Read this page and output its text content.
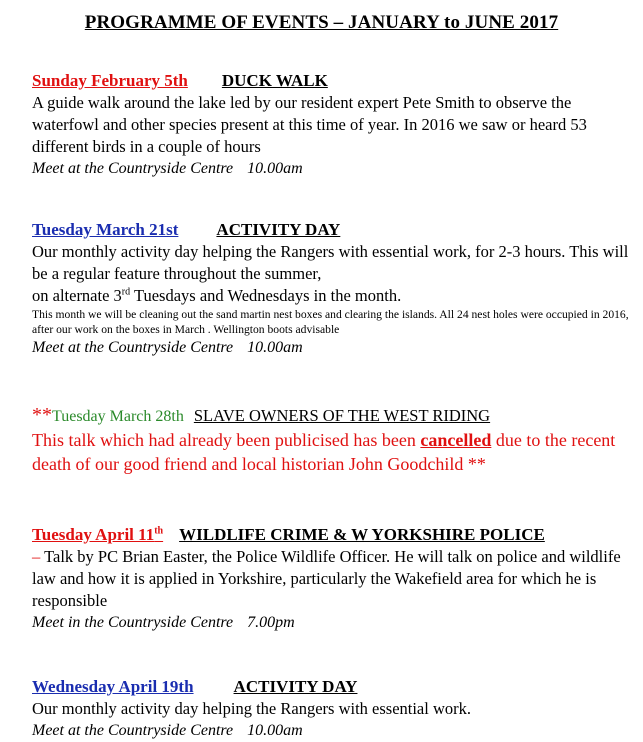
PROGRAMME OF EVENTS – JANUARY to JUNE 2017
Sunday February 5th DUCK WALK
A guide walk around the lake led by our resident expert Pete Smith to observe the waterfowl and other species present at this time of year. In 2016 we saw or heard 53 different birds in a couple of hours
Meet at the Countryside Centre 10.00am
Tuesday March 21st ACTIVITY DAY
Our monthly activity day helping the Rangers with essential work, for 2-3 hours. This will be a regular feature throughout the summer,
on alternate 3rd Tuesdays and Wednesdays in the month.
This month we will be cleaning out the sand martin nest boxes and clearing the islands. All 24 nest holes were occupied in 2016, after our work on the boxes in March . Wellington boots advisable
Meet at the Countryside Centre 10.00am
**Tuesday March 28th SLAVE OWNERS OF THE WEST RIDING
This talk which had already been publicised has been cancelled due to the recent death of our good friend and local historian John Goodchild **
Tuesday April 11th WILDLIFE CRIME & W YORKSHIRE POLICE
– Talk by PC Brian Easter, the Police Wildlife Officer. He will talk on police and wildlife law and how it is applied in Yorkshire, particularly the Wakefield area for which he is responsible
Meet in the Countryside Centre 7.00pm
Wednesday April 19th ACTIVITY DAY
Our monthly activity day helping the Rangers with essential work.
Meet at the Countryside Centre 10.00am
